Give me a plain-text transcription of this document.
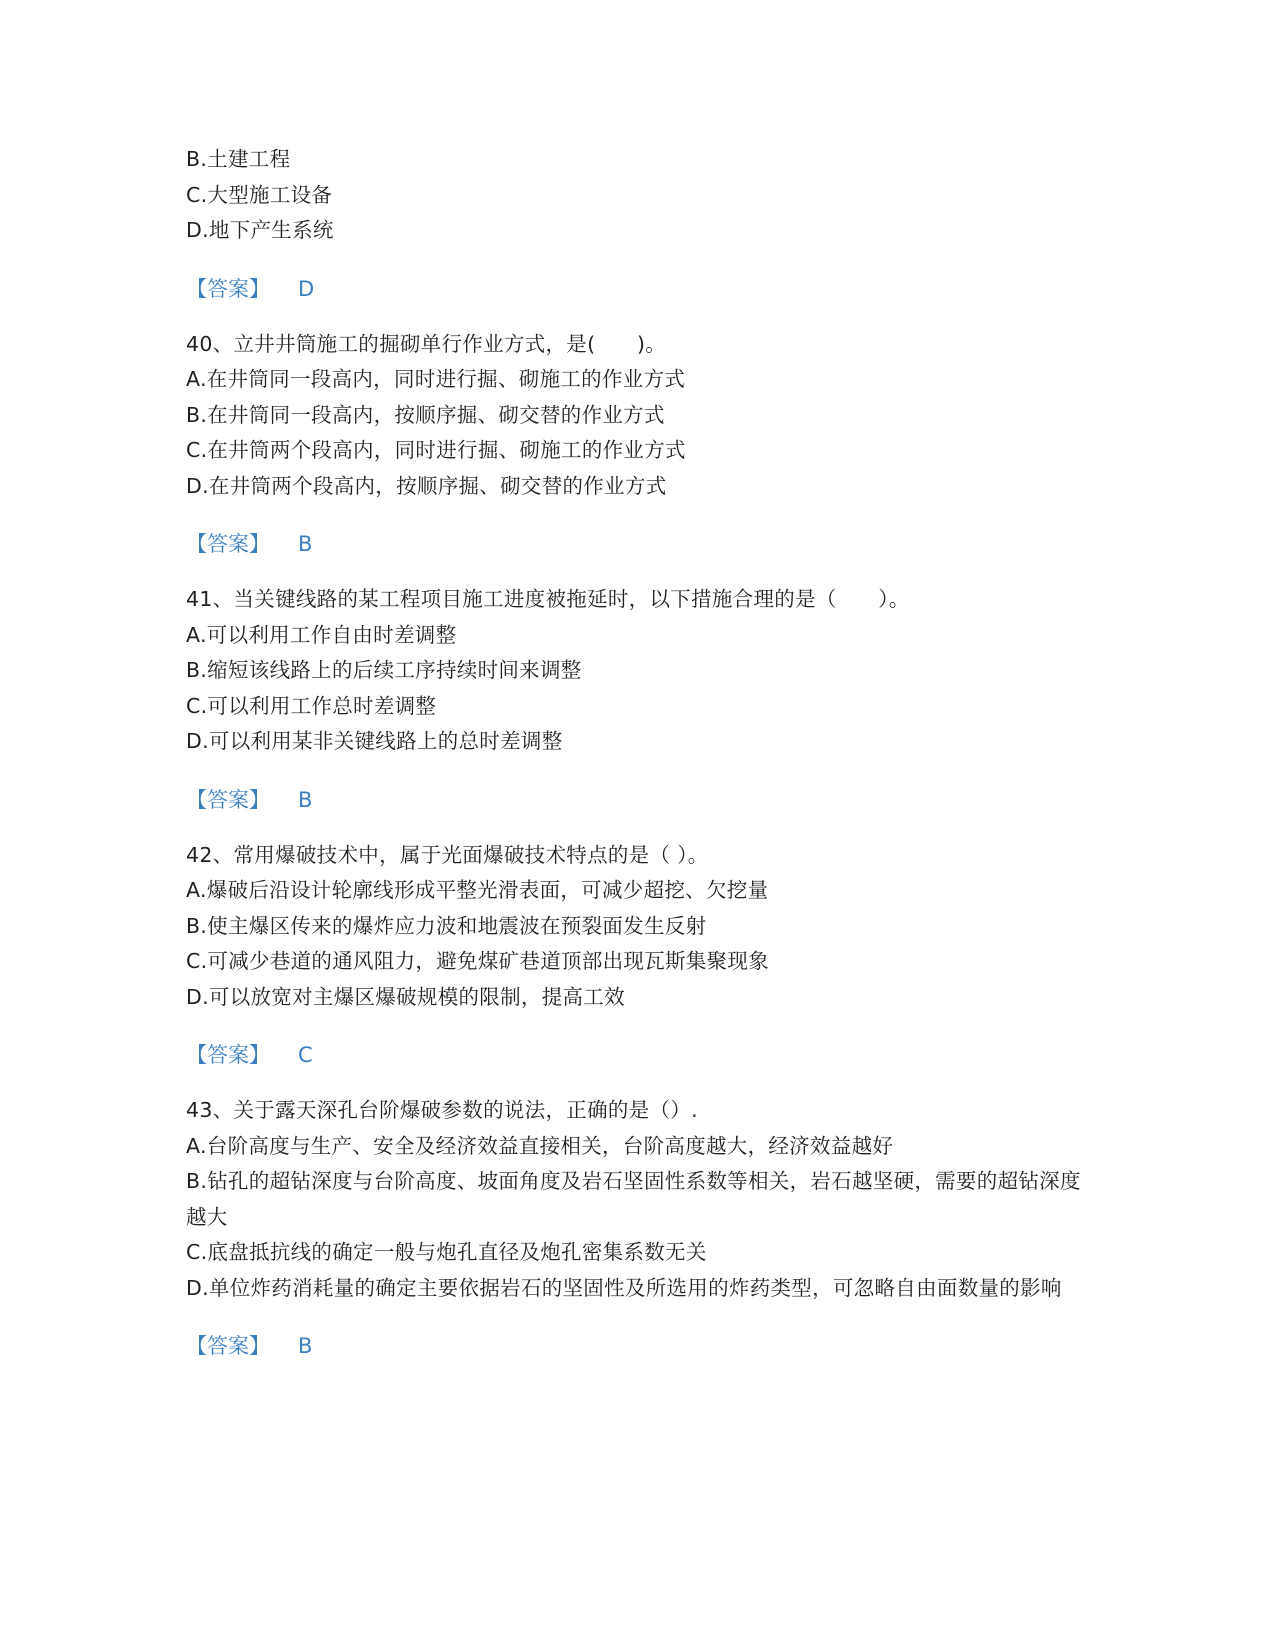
B.土建工程
C.大型施工设备
D.地下产生系统
【答案】 D
40、立井井筒施工的掘砌单行作业方式，是(　　)。
A.在井筒同一段高内，同时进行掘、砌施工的作业方式
B.在井筒同一段高内，按顺序掘、砌交替的作业方式
C.在井筒两个段高内，同时进行掘、砌施工的作业方式
D.在井筒两个段高内，按顺序掘、砌交替的作业方式
【答案】 B
41、当关键线路的某工程项目施工进度被拖延时，以下措施合理的是（　　）。
A.可以利用工作自由时差调整
B.缩短该线路上的后续工序持续时间来调整
C.可以利用工作总时差调整
D.可以利用某非关键线路上的总时差调整
【答案】 B
42、常用爆破技术中，属于光面爆破技术特点的是（ ）。
A.爆破后沿设计轮廓线形成平整光滑表面，可减少超挖、欠挖量
B.使主爆区传来的爆炸应力波和地震波在预裂面发生反射
C.可减少巷道的通风阻力，避免煤矿巷道顶部出现瓦斯集聚现象
D.可以放宽对主爆区爆破规模的限制，提高工效
【答案】 C
43、关于露天深孔台阶爆破参数的说法，正确的是（）.
A.台阶高度与生产、安全及经济效益直接相关，台阶高度越大，经济效益越好
B.钻孔的超钻深度与台阶高度、坡面角度及岩石坚固性系数等相关，岩石越坚硬，需要的超钻深度越大
C.底盘抵抗线的确定一般与炮孔直径及炮孔密集系数无关
D.单位炸药消耗量的确定主要依据岩石的坚固性及所选用的炸药类型，可忽略自由面数量的影响
【答案】 B
